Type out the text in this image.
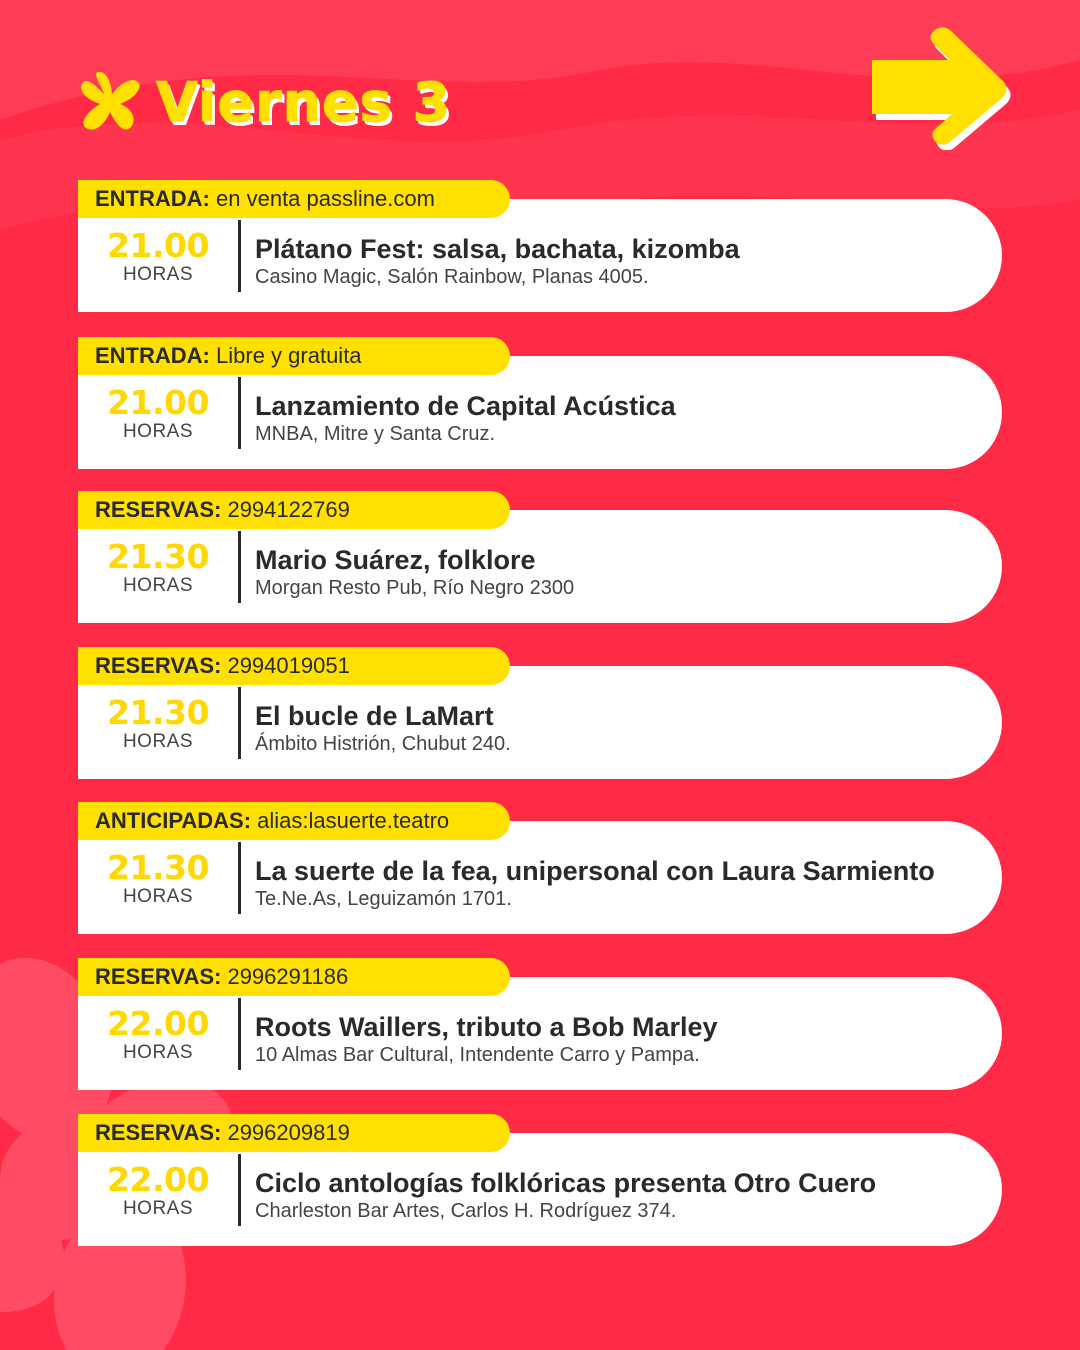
Viernes 3
ENTRADA:
en venta passline.com
21.00
HORAS
Plátano Fest: salsa, bachata, kizomba
Casino Magic, Salón Rainbow, Planas 4005.
ENTRADA:
Libre y gratuita
21.00
HORAS
Lanzamiento de Capital Acústica
MNBA, Mitre y Santa Cruz.
RESERVAS:
2994122769
21.30
HORAS
Mario Suárez, folklore
Morgan Resto Pub, Río Negro 2300
RESERVAS:
2994019051
21.30
HORAS
El bucle de LaMart
Ámbito Histrión, Chubut 240.
ANTICIPADAS:
alias:lasuerte.teatro
21.30
HORAS
La suerte de la fea, unipersonal con Laura Sarmiento
Te.Ne.As, Leguizamón 1701.
RESERVAS:
2996291186
22.00
HORAS
Roots Waillers, tributo a Bob Marley
10 Almas Bar Cultural, Intendente Carro y Pampa.
RESERVAS:
2996209819
22.00
HORAS
Ciclo antologías folklóricas presenta Otro Cuero
Charleston Bar Artes, Carlos H. Rodríguez 374.
